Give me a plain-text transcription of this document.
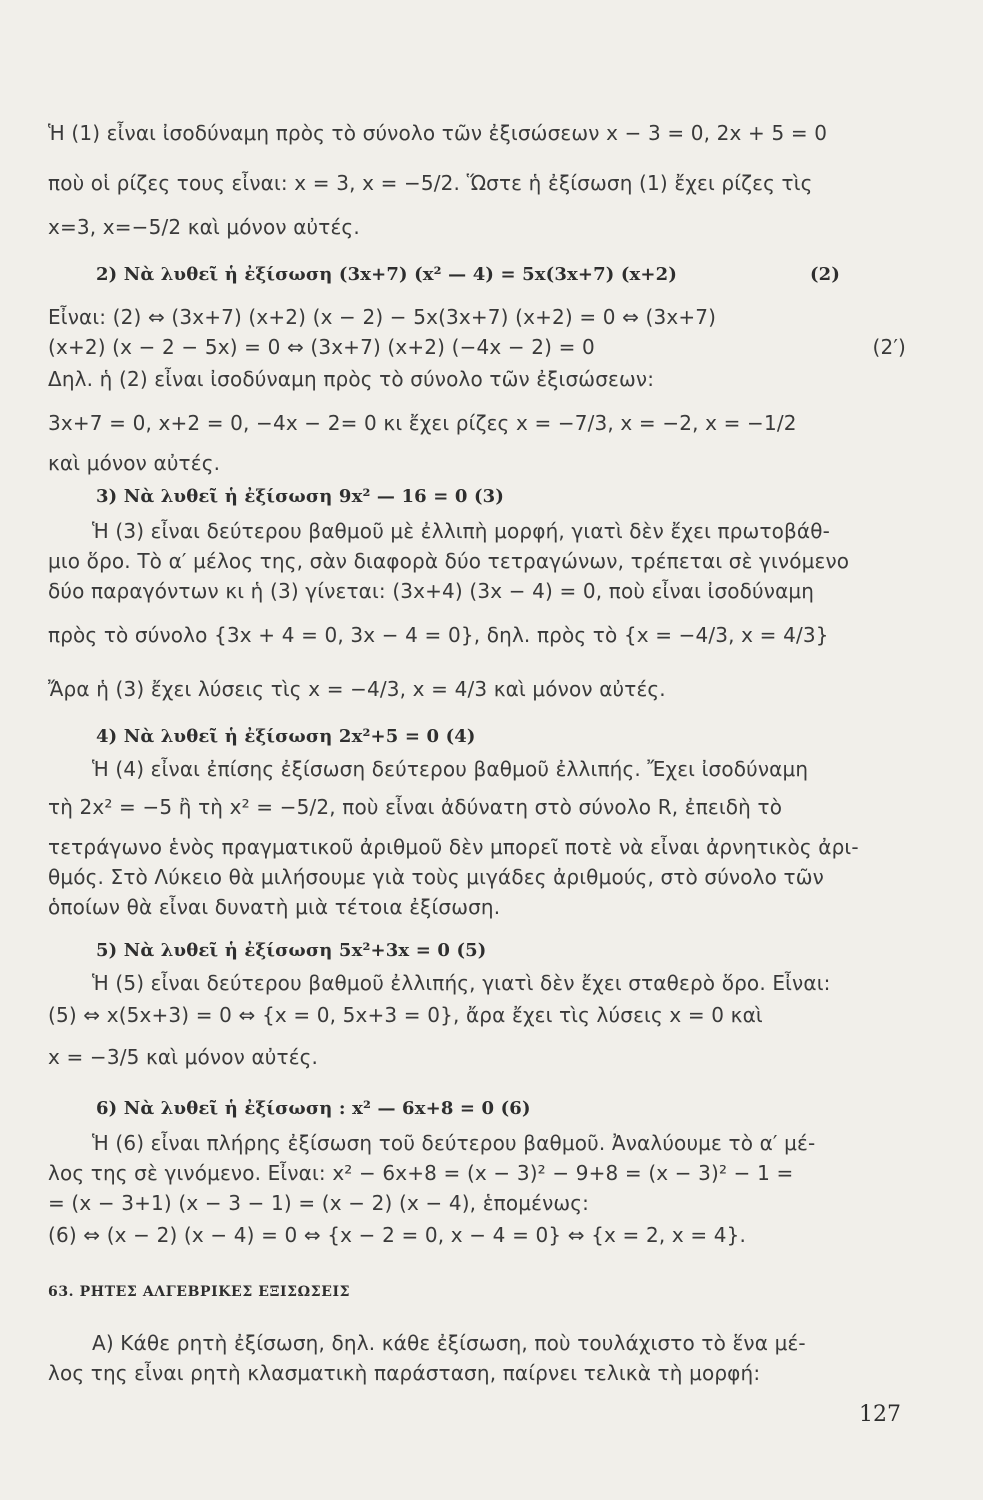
Ἡ (1) εἶναι ἰσοδύναμη πρὸς τὸ σύνολο τῶν ἐξισώσεων x − 3 = 0, 2x + 5 = 0
ποὺ οἱ ρίζες τους εἶναι: x = 3, x = −5/2. Ὥστε ἡ ἐξίσωση (1) ἔχει ρίζες τὶς
x=3, x=−5/2 καὶ μόνον αὐτές.
2) Νὰ λυθεῖ ἡ ἐξίσωση (3x+7) (x² — 4) = 5x(3x+7) (x+2)	(2)
Εἶναι: (2) ⇔ (3x+7) (x+2) (x − 2) − 5x(3x+7) (x+2) = 0 ⇔ (3x+7)
(x+2) (x − 2 − 5x) = 0 ⇔ (3x+7) (x+2) (−4x − 2) = 0	(2′)
Δηλ. ἡ (2) εἶναι ἰσοδύναμη πρὸς τὸ σύνολο τῶν ἐξισώσεων:
3x+7 = 0, x+2 = 0, −4x − 2= 0 κι ἔχει ρίζες x = −7/3, x = −2, x = −1/2
καὶ μόνον αὐτές.
3) Νὰ λυθεῖ ἡ ἐξίσωση 9x² — 16 = 0 (3)
Ἡ (3) εἶναι δεύτερου βαθμοῦ μὲ ἐλλιπὴ μορφή, γιατὶ δὲν ἔχει πρωτοβάθ-
μιο ὅρο. Τὸ α′ μέλος της, σὰν διαφορὰ δύο τετραγώνων, τρέπεται σὲ γινόμενο
δύο παραγόντων κι ἡ (3) γίνεται: (3x+4) (3x − 4) = 0, ποὺ εἶναι ἰσοδύναμη
πρὸς τὸ σύνολο {3x + 4 = 0, 3x − 4 = 0}, δηλ. πρὸς τὸ {x = −4/3, x = 4/3}
Ἄρα ἡ (3) ἔχει λύσεις τὶς x = −4/3, x = 4/3 καὶ μόνον αὐτές.
4) Νὰ λυθεῖ ἡ ἐξίσωση 2x²+5 = 0 (4)
Ἡ (4) εἶναι ἐπίσης ἐξίσωση δεύτερου βαθμοῦ ἐλλιπής. Ἔχει ἰσοδύναμη
τὴ 2x² = −5 ἢ τὴ x² = −5/2, ποὺ εἶναι ἀδύνατη στὸ σύνολο R, ἐπειδὴ τὸ
τετράγωνο ἑνὸς πραγματικοῦ ἀριθμοῦ δὲν μπορεῖ ποτὲ νὰ εἶναι ἀρνητικὸς ἀρι-
θμός. Στὸ Λύκειο θὰ μιλήσουμε γιὰ τοὺς μιγάδες ἀριθμούς, στὸ σύνολο τῶν
ὁποίων θὰ εἶναι δυνατὴ μιὰ τέτοια ἐξίσωση.
5) Νὰ λυθεῖ ἡ ἐξίσωση 5x²+3x = 0 (5)
Ἡ (5) εἶναι δεύτερου βαθμοῦ ἐλλιπής, γιατὶ δὲν ἔχει σταθερὸ ὅρο. Εἶναι:
(5) ⇔ x(5x+3) = 0 ⇔ {x = 0, 5x+3 = 0}, ἄρα ἔχει τὶς λύσεις x = 0 καὶ
x = −3/5 καὶ μόνον αὐτές.
6) Νὰ λυθεῖ ἡ ἐξίσωση : x² — 6x+8 = 0 (6)
Ἡ (6) εἶναι πλήρης ἐξίσωση τοῦ δεύτερου βαθμοῦ. Ἀναλύουμε τὸ α′ μέ-
λος της σὲ γινόμενο. Εἶναι: x² − 6x+8 = (x − 3)² − 9+8 = (x − 3)² − 1 =
= (x − 3+1) (x − 3 − 1) = (x − 2) (x − 4), ἑπομένως:
(6) ⇔ (x − 2) (x − 4) = 0 ⇔ {x − 2 = 0, x − 4 = 0} ⇔ {x = 2, x = 4}.
Α) Κάθε ρητὴ ἐξίσωση, δηλ. κάθε ἐξίσωση, ποὺ τουλάχιστο τὸ ἕνα μέ-
λος της εἶναι ρητὴ κλασματικὴ παράσταση, παίρνει τελικὰ τὴ μορφή:
63. ΡΗΤΕΣ ΑΛΓΕΒΡΙΚΕΣ ΕΞΙΣΩΣΕΙΣ
127
